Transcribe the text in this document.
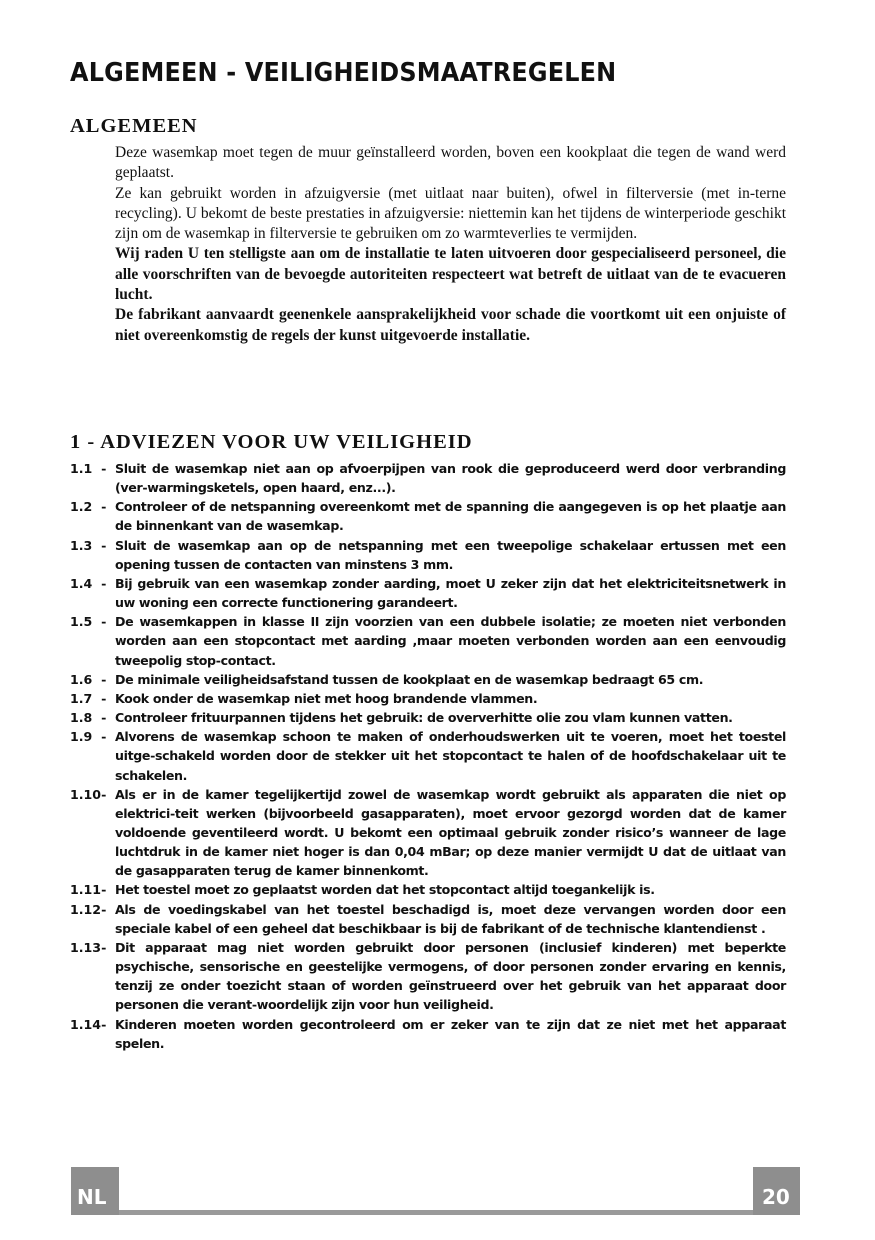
ALGEMEEN - VEILIGHEIDSMAATREGELEN
ALGEMEEN

Deze wasemkap moet tegen de muur geïnstalleerd worden, boven een kookplaat die tegen de wand werd geplaatst.

Ze kan gebruikt worden in afzuigversie (met uitlaat naar buiten), ofwel in filterversie (met in-terne recycling). U bekomt de beste prestaties in afzuigversie: niettemin kan het tijdens de winterperiode geschikt zijn om de wasemkap in filterversie te gebruiken om zo warmteverlies te vermijden.

Wij raden U ten stelligste aan om de installatie te laten uitvoeren door gespecialiseerd personeel, die alle voorschriften van de bevoegde autoriteiten respecteert wat betreft de uitlaat van de te evacueren lucht.

De fabrikant aanvaardt geenenkele aansprakelijkheid voor schade die voortkomt uit een onjuiste of niet overeenkomstig de regels der kunst uitgevoerde installatie.

1 - ADVIEZEN VOOR UW VEILIGHEID
1.1  - Sluit de wasemkap niet aan op afvoerpijpen van rook die geproduceerd werd door verbranding (ver-warmingsketels, open haard, enz...).
1.2  - Controleer of de netspanning overeenkomt met de spanning die aangegeven is op het plaatje aan de binnenkant van de wasemkap.
1.3  - Sluit de wasemkap aan op de netspanning met een tweepolige schakelaar ertussen met een opening tussen de contacten van minstens 3 mm.
1.4  - Bij gebruik van een wasemkap zonder aarding, moet U zeker zijn dat het elektriciteitsnetwerk in uw woning een correcte functionering garandeert.
1.5  - De wasemkappen in klasse II zijn voorzien van een dubbele isolatie; ze moeten niet verbonden worden aan een stopcontact met aarding ,maar moeten verbonden worden aan een eenvoudig tweepolig stop-contact.
1.6  - De minimale veiligheidsafstand tussen de kookplaat en de wasemkap bedraagt 65 cm.
1.7  - Kook onder de wasemkap niet met hoog brandende vlammen.
1.8  - Controleer frituurpannen tijdens het gebruik: de oververhitte olie zou vlam kunnen vatten.
1.9  - Alvorens de wasemkap schoon te maken of onderhoudswerken uit te voeren, moet het toestel uitge-schakeld worden door de stekker uit het stopcontact te halen of de hoofdschakelaar uit te schakelen.
1.10- Als er in de kamer tegelijkertijd zowel de wasemkap wordt gebruikt als apparaten die niet op elektrici-teit werken (bijvoorbeeld gasapparaten), moet ervoor gezorgd worden dat de kamer voldoende geventileerd wordt. U bekomt een optimaal gebruik zonder risico’s wanneer de lage luchtdruk in de kamer niet hoger is dan 0,04 mBar; op deze manier vermijdt U dat de uitlaat van de gasapparaten terug de kamer binnenkomt.
1.11- Het toestel moet zo geplaatst worden dat het stopcontact altijd toegankelijk is.
1.12- Als de voedingskabel van het toestel beschadigd is, moet deze vervangen worden door een speciale kabel of een geheel dat beschikbaar is bij de fabrikant of de technische klantendienst .
1.13- Dit apparaat mag niet worden gebruikt door personen (inclusief kinderen) met beperkte psychische, sensorische en geestelijke vermogens, of door personen zonder ervaring en kennis, tenzij ze onder toezicht staan of worden geïnstrueerd over het gebruik van het apparaat door personen die verant-woordelijk zijn voor hun veiligheid.
1.14- Kinderen moeten worden gecontroleerd om er zeker van te zijn dat ze niet met het apparaat spelen.
NL	20
